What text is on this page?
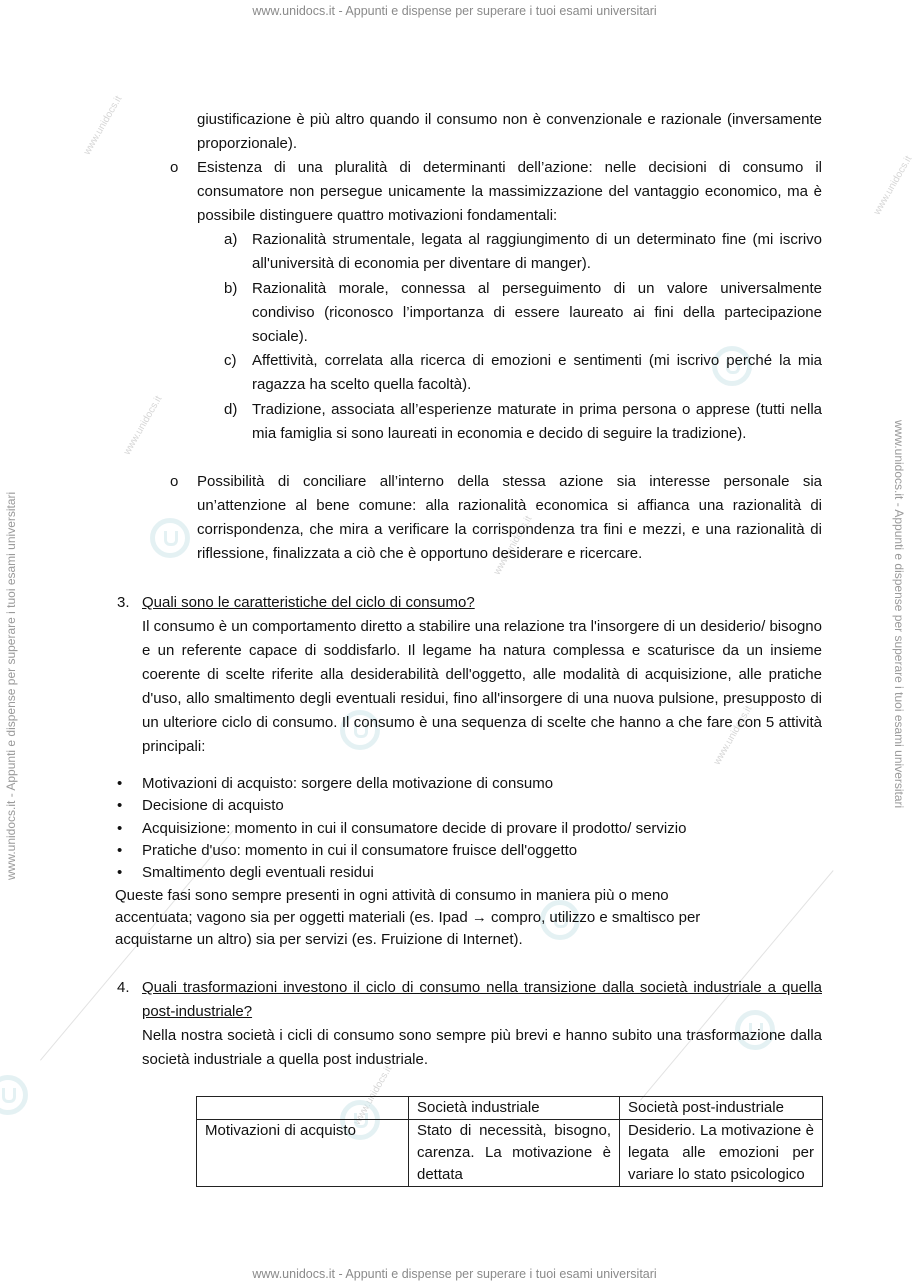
www.unidocs.it - Appunti e dispense per superare i tuoi esami universitari
www.unidocs.it - Appunti e dispense per superare i tuoi esami universitari
www.unidocs.it - Appunti e dispense per superare i tuoi esami universitari	www.unidocs.it - Appunti e dispense per superare i tuoi esami universitari
www.unidocs.it
www.unidocs.it
www.unidocs.it
www.unidocs.it
www.unidocs.it
www.unidocs.it
giustificazione è più altro quando il consumo non è convenzionale e razionale (inversamente proporzionale).
o Esistenza di una pluralità di determinanti dell’azione: nelle decisioni di consumo il consumatore non persegue unicamente la massimizzazione del vantaggio economico, ma è possibile distinguere quattro motivazioni fondamentali:
a) Razionalità strumentale, legata al raggiungimento di un determinato fine (mi iscrivo all'università di economia per diventare di manger).
b) Razionalità morale, connessa al perseguimento di un valore universalmente condiviso (riconosco l’importanza di essere laureato ai fini della partecipazione sociale).
c) Affettività, correlata alla ricerca di emozioni e sentimenti (mi iscrivo perché la mia ragazza ha scelto quella facoltà).
d) Tradizione, associata all’esperienze maturate in prima persona o apprese (tutti nella mia famiglia si sono laureati in economia e decido di seguire la tradizione).
o Possibilità di conciliare all’interno della stessa azione sia interesse personale sia un’attenzione al bene comune: alla razionalità economica si affianca una razionalità di corrispondenza, che mira a verificare la corrispondenza tra fini e mezzi, e una razionalità di riflessione, finalizzata a ciò che è opportuno desiderare e ricercare.
3. Quali sono le caratteristiche del ciclo di consumo?
Il consumo è un comportamento diretto a stabilire una relazione tra l'insorgere di un desiderio/ bisogno e un referente capace di soddisfarlo. Il legame ha natura complessa e scaturisce da un insieme coerente di scelte riferite alla desiderabilità dell'oggetto, alle modalità di acquisizione, alle pratiche d'uso, allo smaltimento degli eventuali residui, fino all'insorgere di una nuova pulsione, presupposto di un ulteriore ciclo di consumo. Il consumo è una sequenza di scelte che hanno a che fare con 5 attività principali:
• Motivazioni di acquisto: sorgere della motivazione di consumo
• Decisione di acquisto
• Acquisizione: momento in cui il consumatore decide di provare il prodotto/ servizio
• Pratiche d'uso: momento in cui il consumatore fruisce dell'oggetto
• Smaltimento degli eventuali residui
Queste fasi sono sempre presenti in ogni attività di consumo in maniera più o meno
accentuata; vagono sia per oggetti materiali (es. Ipad → compro, utilizzo e smaltisco per
acquistarne un altro) sia per servizi (es. Fruizione di Internet).
4. Quali trasformazioni investono il ciclo di consumo nella transizione dalla società industriale a quella post-industriale?
Nella nostra società i cicli di consumo sono sempre più brevi e hanno subito una trasformazione dalla società industriale a quella post industriale.
	Società industriale	Società post-industriale
Motivazioni di acquisto	Stato di necessità, bisogno, carenza. La motivazione è dettata	Desiderio. La motivazione è legata alle emozioni per variare lo stato psicologico
